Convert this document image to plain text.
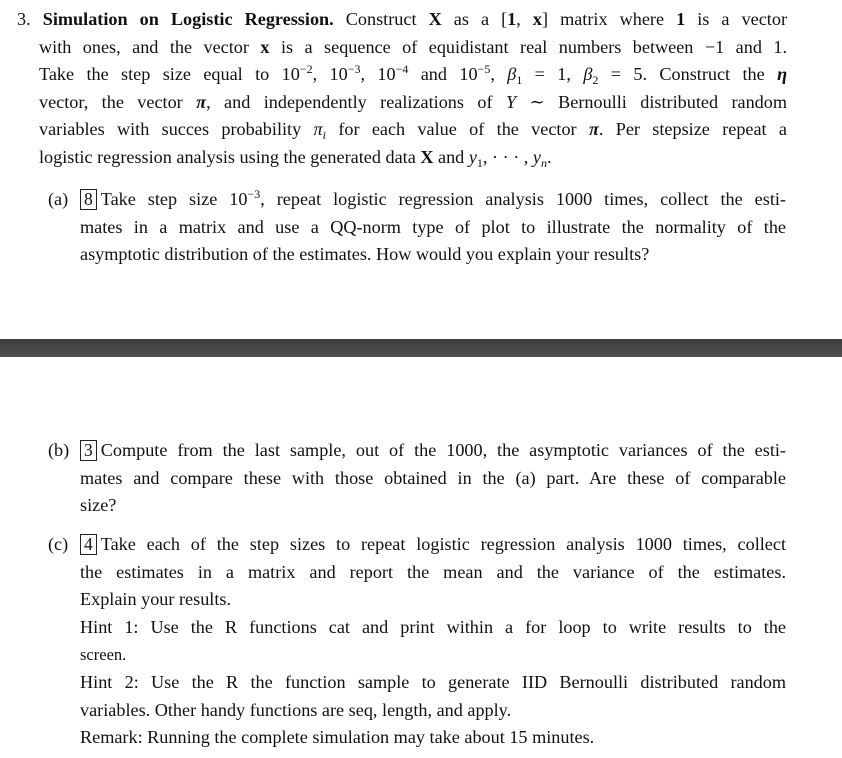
3. Simulation on Logistic Regression. Construct X as a [1, x] matrix where 1 is a vector
with ones, and the vector x is a sequence of equidistant real numbers between −1 and 1.
Take the step size equal to $10^{-2}$, $10^{-3}$, $10^{-4}$ and $10^{-5}$, $\beta_1 = 1$, $\beta_2 = 5$. Construct the η
vector, the vector π, and independently realizations of Y ∼ Bernoulli distributed random
variables with succes probability $\pi_i$ for each value of the vector π. Per stepsize repeat a
logistic regression analysis using the generated data X and $y_1$, · · · , $y_n$.
(a) 8 Take step size $10^{-3}$, repeat logistic regression analysis 1000 times, collect the esti-
mates in a matrix and use a QQ-norm type of plot to illustrate the normality of the
asymptotic distribution of the estimates. How would you explain your results?
(b) 3 Compute from the last sample, out of the 1000, the asymptotic variances of the esti-
mates and compare these with those obtained in the (a) part. Are these of comparable
size?
(c) 4 Take each of the step sizes to repeat logistic regression analysis 1000 times, collect
the estimates in a matrix and report the mean and the variance of the estimates.
Explain your results.
Hint 1: Use the R functions cat and print within a for loop to write results to the
screen.
Hint 2: Use the R the function sample to generate IID Bernoulli distributed random
variables. Other handy functions are seq, length, and apply.
Remark: Running the complete simulation may take about 15 minutes.
